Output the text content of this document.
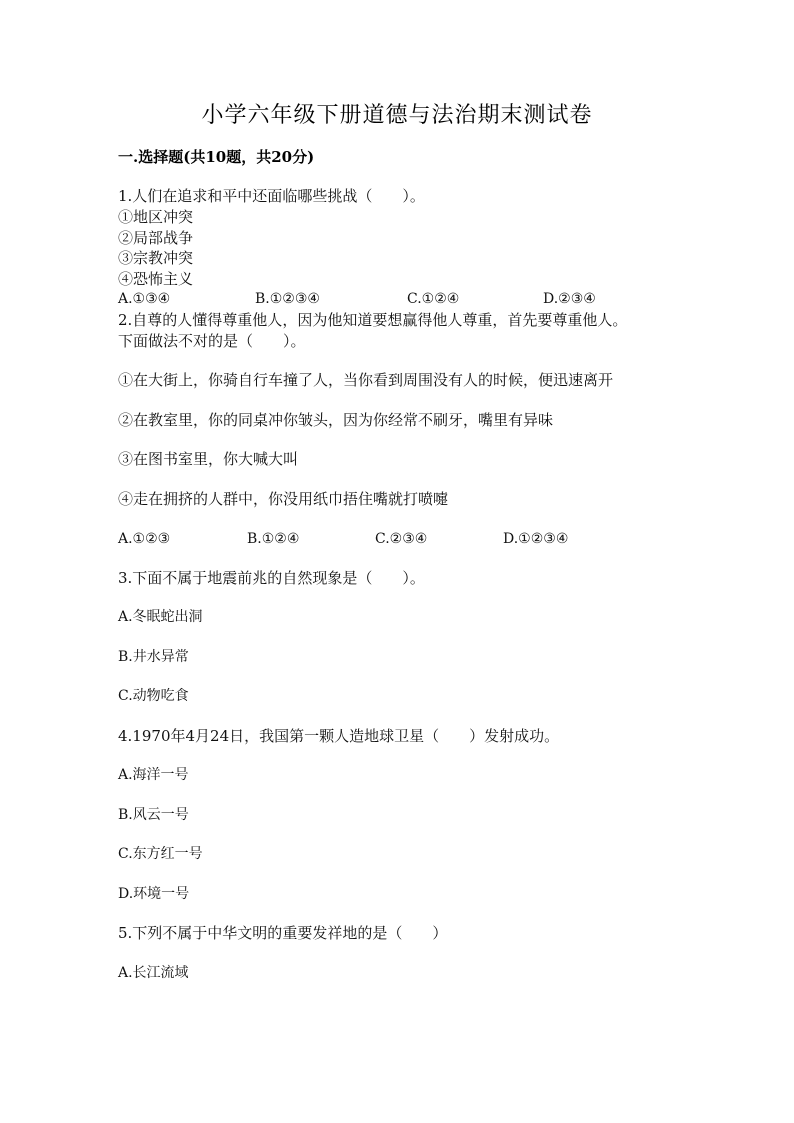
小学六年级下册道德与法治期末测试卷
一.选择题(共10题，共20分)
1.人们在追求和平中还面临哪些挑战（　　）。
①地区冲突
②局部战争
③宗教冲突
④恐怖主义
A.①③④	B.①②③④	C.①②④	D.②③④
2.自尊的人懂得尊重他人，因为他知道要想赢得他人尊重，首先要尊重他人。
下面做法不对的是（　　）。
①在大街上，你骑自行车撞了人，当你看到周围没有人的时候，便迅速离开
②在教室里，你的同桌冲你皱头，因为你经常不刷牙，嘴里有异味
③在图书室里，你大喊大叫
④走在拥挤的人群中，你没用纸巾捂住嘴就打喷嚏
A.①②③	B.①②④	C.②③④	D.①②③④
3.下面不属于地震前兆的自然现象是（　　）。
A.冬眠蛇出洞
B.井水异常
C.动物吃食
4.1970年4月24日，我国第一颗人造地球卫星（　　）发射成功。
A.海洋一号
B.风云一号
C.东方红一号
D.环境一号
5.下列不属于中华文明的重要发祥地的是（　　）
A.长江流域
